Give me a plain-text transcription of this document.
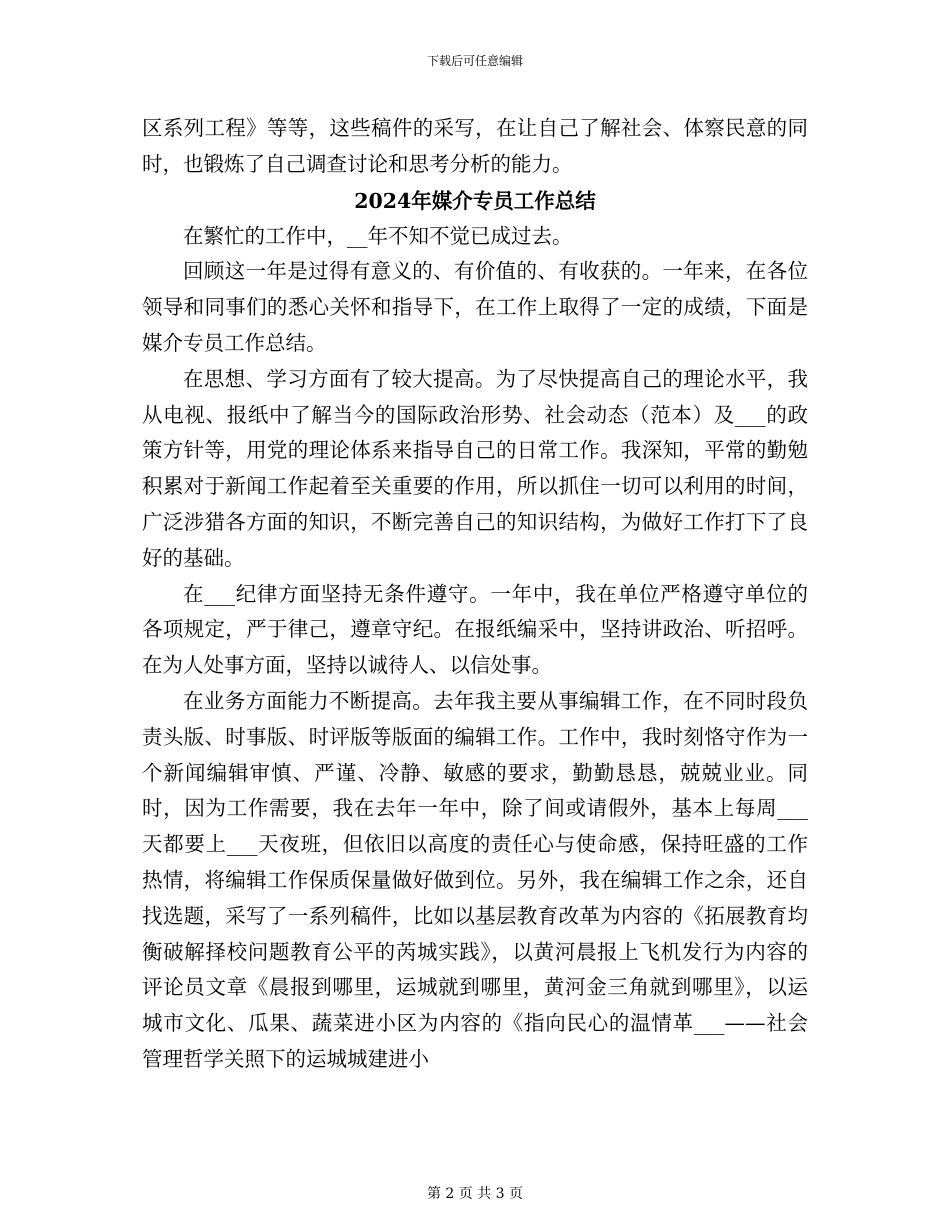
下载后可任意编辑

区系列工程》等等，这些稿件的采写，在让自己了解社会、体察民意的同时，也锻炼了自己调查讨论和思考分析的能力。

2024年媒介专员工作总结

在繁忙的工作中，__年不知不觉已成过去。

回顾这一年是过得有意义的、有价值的、有收获的。一年来，在各位领导和同事们的悉心关怀和指导下，在工作上取得了一定的成绩，下面是媒介专员工作总结。

在思想、学习方面有了较大提高。为了尽快提高自己的理论水平，我从电视、报纸中了解当今的国际政治形势、社会动态（范本）及___的政策方针等，用党的理论体系来指导自己的日常工作。我深知，平常的勤勉积累对于新闻工作起着至关重要的作用，所以抓住一切可以利用的时间，广泛涉猎各方面的知识，不断完善自己的知识结构，为做好工作打下了良好的基础。

在___纪律方面坚持无条件遵守。一年中，我在单位严格遵守单位的各项规定，严于律己，遵章守纪。在报纸编采中，坚持讲政治、听招呼。在为人处事方面，坚持以诚待人、以信处事。

在业务方面能力不断提高。去年我主要从事编辑工作，在不同时段负责头版、时事版、时评版等版面的编辑工作。工作中，我时刻恪守作为一个新闻编辑审慎、严谨、冷静、敏感的要求，勤勤恳恳，兢兢业业。同时，因为工作需要，我在去年一年中，除了间或请假外，基本上每周___天都要上___天夜班，但依旧以高度的责任心与使命感，保持旺盛的工作热情，将编辑工作保质保量做好做到位。另外，我在编辑工作之余，还自找选题，采写了一系列稿件，比如以基层教育改革为内容的《拓展教育均衡破解择校问题教育公平的芮城实践》，以黄河晨报上飞机发行为内容的评论员文章《晨报到哪里，运城就到哪里，黄河金三角就到哪里》，以运城市文化、瓜果、蔬菜进小区为内容的《指向民心的温情革___——社会管理哲学关照下的运城城建进小

第 2 页 共 3 页
